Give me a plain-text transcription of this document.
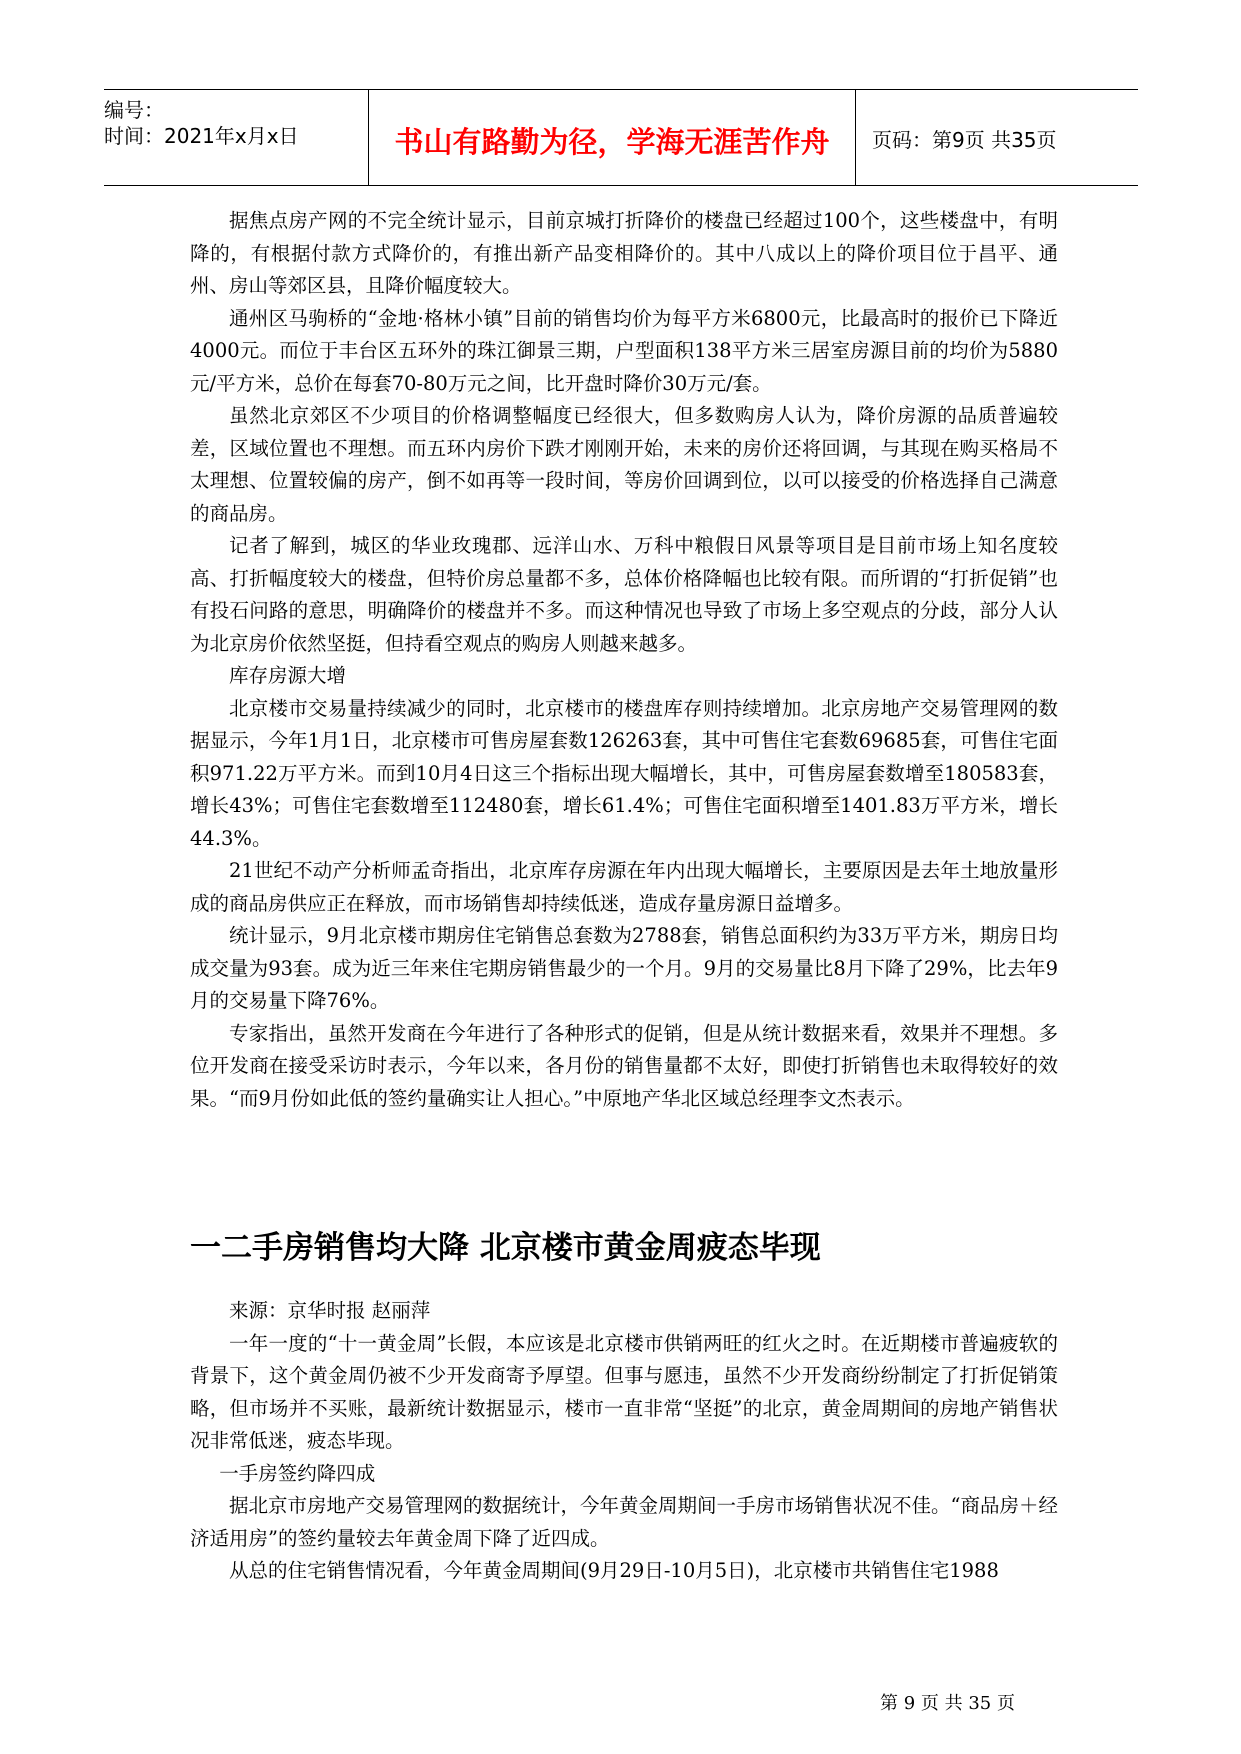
编号：
时间：2021年x月x日	书山有路勤为径，学海无涯苦作舟	页码：第9页 共35页

据焦点房产网的不完全统计显示，目前京城打折降价的楼盘已经超过100个，这些楼盘中，有明降的，有根据付款方式降价的，有推出新产品变相降价的。其中八成以上的降价项目位于昌平、通州、房山等郊区县，且降价幅度较大。

通州区马驹桥的“金地·格林小镇”目前的销售均价为每平方米6800元，比最高时的报价已下降近4000元。而位于丰台区五环外的珠江御景三期，户型面积138平方米三居室房源目前的均价为5880元/平方米，总价在每套70-80万元之间，比开盘时降价30万元/套。

虽然北京郊区不少项目的价格调整幅度已经很大，但多数购房人认为，降价房源的品质普遍较差，区域位置也不理想。而五环内房价下跌才刚刚开始，未来的房价还将回调，与其现在购买格局不太理想、位置较偏的房产，倒不如再等一段时间，等房价回调到位，以可以接受的价格选择自己满意的商品房。

记者了解到，城区的华业玫瑰郡、远洋山水、万科中粮假日风景等项目是目前市场上知名度较高、打折幅度较大的楼盘，但特价房总量都不多，总体价格降幅也比较有限。而所谓的“打折促销”也有投石问路的意思，明确降价的楼盘并不多。而这种情况也导致了市场上多空观点的分歧，部分人认为北京房价依然坚挺，但持看空观点的购房人则越来越多。

库存房源大增

北京楼市交易量持续减少的同时，北京楼市的楼盘库存则持续增加。北京房地产交易管理网的数据显示，今年1月1日，北京楼市可售房屋套数126263套，其中可售住宅套数69685套，可售住宅面积971.22万平方米。而到10月4日这三个指标出现大幅增长，其中，可售房屋套数增至180583套，增长43%；可售住宅套数增至112480套，增长61.4%；可售住宅面积增至1401.83万平方米，增长44.3%。

21世纪不动产分析师孟奇指出，北京库存房源在年内出现大幅增长，主要原因是去年土地放量形成的商品房供应正在释放，而市场销售却持续低迷，造成存量房源日益增多。

统计显示，9月北京楼市期房住宅销售总套数为2788套，销售总面积约为33万平方米，期房日均成交量为93套。成为近三年来住宅期房销售最少的一个月。9月的交易量比8月下降了29%，比去年9月的交易量下降76%。

专家指出，虽然开发商在今年进行了各种形式的促销，但是从统计数据来看，效果并不理想。多位开发商在接受采访时表示，今年以来，各月份的销售量都不太好，即使打折销售也未取得较好的效果。“而9月份如此低的签约量确实让人担心。”中原地产华北区域总经理李文杰表示。

一二手房销售均大降 北京楼市黄金周疲态毕现

来源：京华时报 赵丽萍

一年一度的“十一黄金周”长假，本应该是北京楼市供销两旺的红火之时。在近期楼市普遍疲软的背景下，这个黄金周仍被不少开发商寄予厚望。但事与愿违，虽然不少开发商纷纷制定了打折促销策略，但市场并不买账，最新统计数据显示，楼市一直非常“坚挺”的北京，黄金周期间的房地产销售状况非常低迷，疲态毕现。

一手房签约降四成

据北京市房地产交易管理网的数据统计，今年黄金周期间一手房市场销售状况不佳。“商品房＋经济适用房”的签约量较去年黄金周下降了近四成。

从总的住宅销售情况看，今年黄金周期间(9月29日-10月5日)，北京楼市共销售住宅1988

第 9 页 共 35 页
